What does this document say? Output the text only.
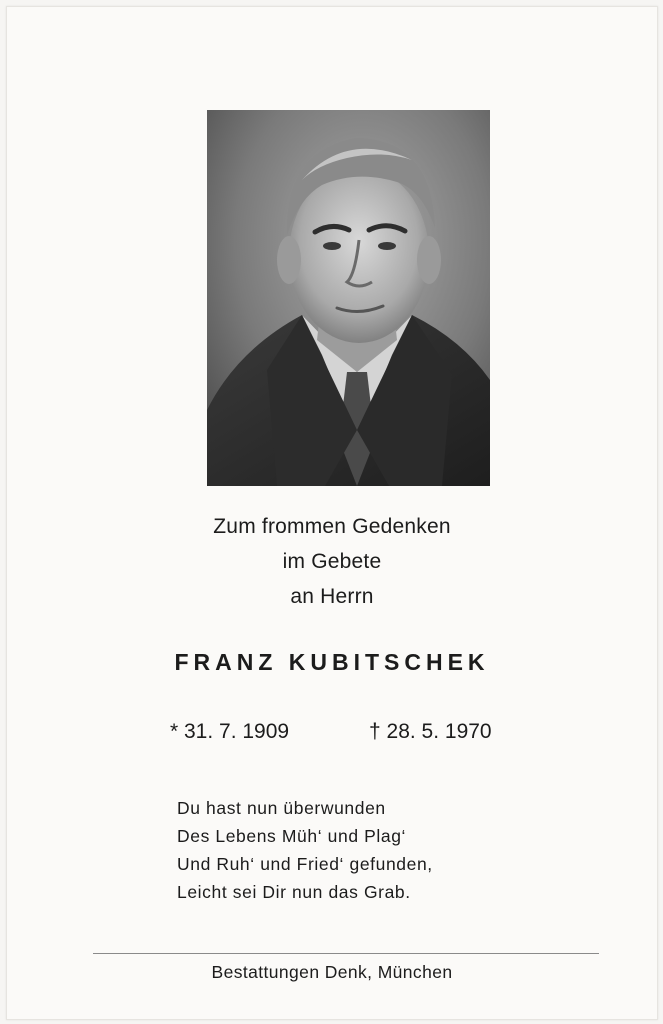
Zum frommen Gedenken
im Gebete
an Herrn
FRANZ KUBITSCHEK
* 31. 7. 1909	† 28. 5. 1970
Du hast nun überwunden
Des Lebens Müh‘ und Plag‘
Und Ruh‘ und Fried‘ gefunden,
Leicht sei Dir nun das Grab.
Bestattungen Denk, München
